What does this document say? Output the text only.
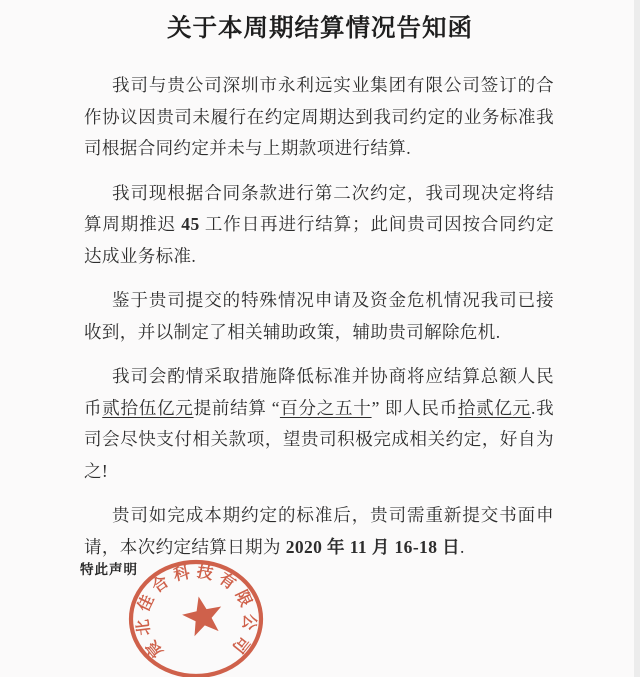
关于本周期结算情况告知函

我司与贵公司深圳市永利远实业集团有限公司签订的合作协议因贵司未履行在约定周期达到我司约定的业务标准我司根据合同约定并未与上期款项进行结算.

我司现根据合同条款进行第二次约定，我司现决定将结算周期推迟 45 工作日再进行结算；此间贵司因按合同约定达成业务标准.

鉴于贵司提交的特殊情况申请及资金危机情况我司已接收到，并以制定了相关辅助政策，辅助贵司解除危机.

我司会酌情采取措施降低标准并协商将应结算总额人民币贰拾伍亿元提前结算 “百分之五十” 即人民币拾贰亿元.我司会尽快支付相关款项，望贵司积极完成相关约定，好自为之!

贵司如完成本期约定的标准后，贵司需重新提交书面申请，本次约定结算日期为 2020 年 11 月 16-18 日.

特此声明
宸北佳合科技有限公司
